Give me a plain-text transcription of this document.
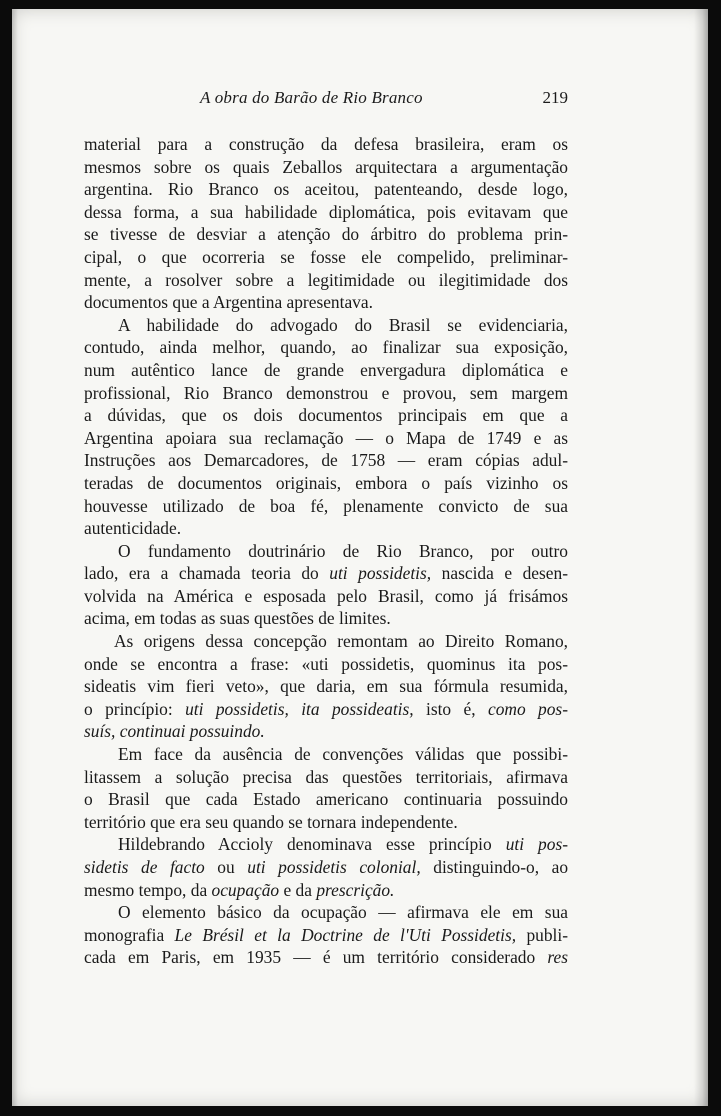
A obra do Barão de Rio Branco	219
material para a construção da defesa brasileira, eram os
mesmos sobre os quais Zeballos arquitectara a argumentação
argentina. Rio Branco os aceitou, patenteando, desde logo,
dessa forma, a sua habilidade diplomática, pois evitavam que
se tivesse de desviar a atenção do árbitro do problema prin-
cipal, o que ocorreria se fosse ele compelido, preliminar-
mente, a rosolver sobre a legitimidade ou ilegitimidade dos
documentos que a Argentina apresentava.
A habilidade do advogado do Brasil se evidenciaria,
contudo, ainda melhor, quando, ao finalizar sua exposição,
num autêntico lance de grande envergadura diplomática e
profissional, Rio Branco demonstrou e provou, sem margem
a dúvidas, que os dois documentos principais em que a
Argentina apoiara sua reclamação — o Mapa de 1749 e as
Instruções aos Demarcadores, de 1758 — eram cópias adul-
teradas de documentos originais, embora o país vizinho os
houvesse utilizado de boa fé, plenamente convicto de sua
autenticidade.
O fundamento doutrinário de Rio Branco, por outro
lado, era a chamada teoria do uti possidetis, nascida e desen-
volvida na América e esposada pelo Brasil, como já frisámos
acima, em todas as suas questões de limites.
As origens dessa concepção remontam ao Direito Romano,
onde se encontra a frase: «uti possidetis, quominus ita pos-
sideatis vim fieri veto», que daria, em sua fórmula resumida,
o princípio: uti possidetis, ita possideatis, isto é, como pos-
suís, continuai possuindo.
Em face da ausência de convenções válidas que possibi-
litassem a solução precisa das questões territoriais, afirmava
o Brasil que cada Estado americano continuaria possuindo
território que era seu quando se tornara independente.
Hildebrando Accioly denominava esse princípio uti pos-
sidetis de facto ou uti possidetis colonial, distinguindo-o, ao
mesmo tempo, da ocupação e da prescrição.
O elemento básico da ocupação — afirmava ele em sua
monografia Le Brésil et la Doctrine de l'Uti Possidetis, publi-
cada em Paris, em 1935 — é um território considerado res
